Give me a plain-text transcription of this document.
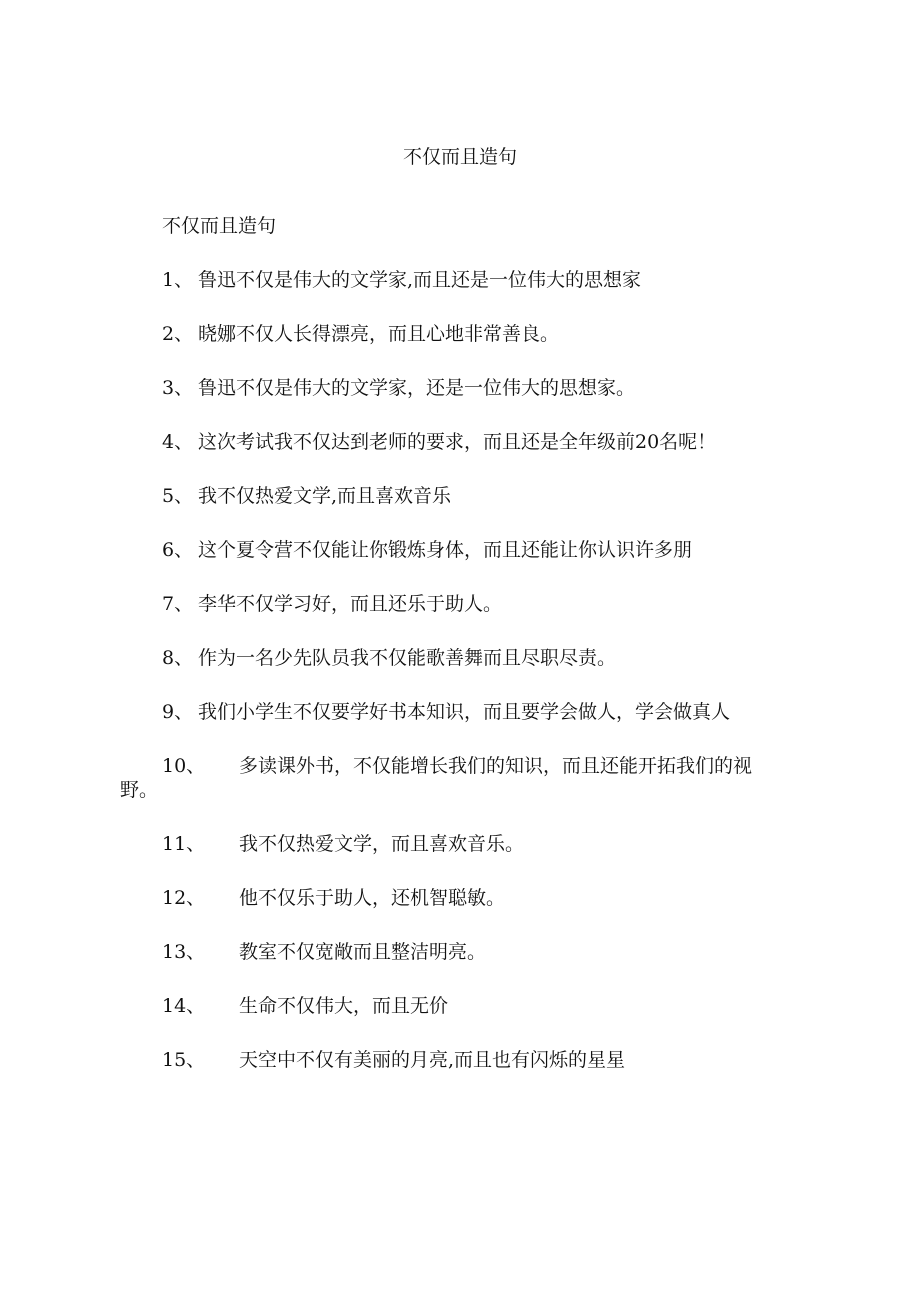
不仅而且造句

不仅而且造句

1、 鲁迅不仅是伟大的文学家,而且还是一位伟大的思想家
2、 晓娜不仅人长得漂亮，而且心地非常善良。
3、 鲁迅不仅是伟大的文学家，还是一位伟大的思想家。
4、 这次考试我不仅达到老师的要求，而且还是全年级前20名呢！
5、 我不仅热爱文学,而且喜欢音乐
6、 这个夏令营不仅能让你锻炼身体，而且还能让你认识许多朋
7、 李华不仅学习好，而且还乐于助人。
8、 作为一名少先队员我不仅能歌善舞而且尽职尽责。
9、 我们小学生不仅要学好书本知识，而且要学会做人，学会做真人
10、 多读课外书，不仅能增长我们的知识，而且还能开拓我们的视
野。
11、 我不仅热爱文学，而且喜欢音乐。
12、 他不仅乐于助人，还机智聪敏。
13、 教室不仅宽敞而且整洁明亮。
14、 生命不仅伟大，而且无价
15、 天空中不仅有美丽的月亮,而且也有闪烁的星星
